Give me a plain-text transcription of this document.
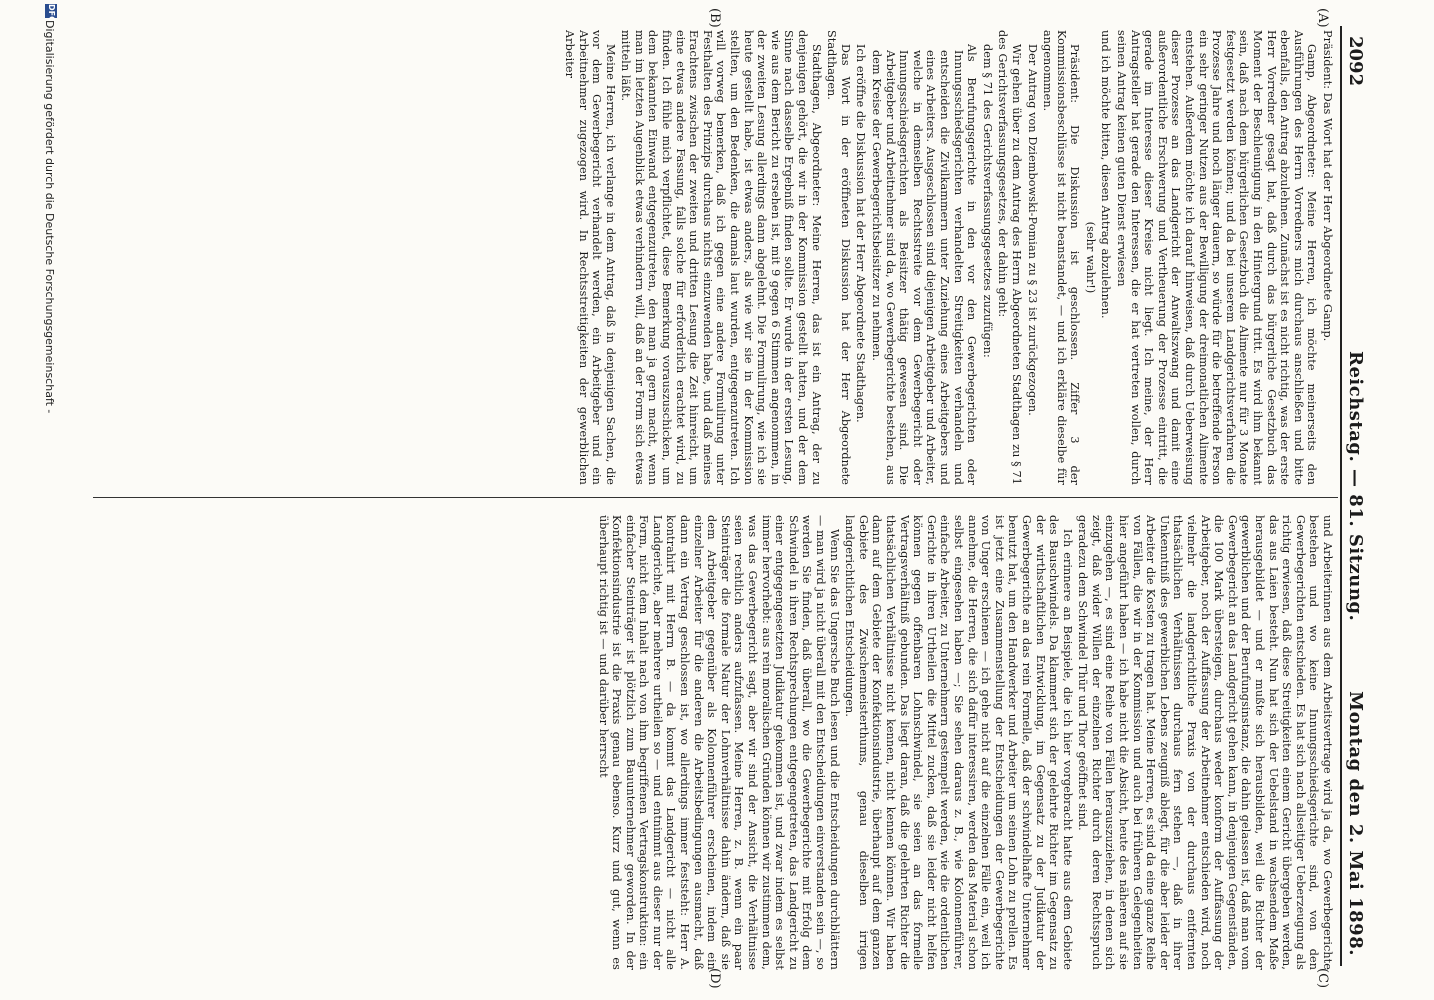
2092
Reichstag. — 81. Sitzung.
Montag den 2. Mai 1898.
(A)
(B)
(C)
(D)

Präsident: Das Wort hat der Herr Abgeordnete Gamp.

Gamp, Abgeordneter: Meine Herren, ich möchte meinerseits den Ausführungen des Herrn Vorredners mich durchaus anschließen und bitte ebenfalls, den Antrag abzulehnen. Zunächst ist es nicht richtig, was der erste Herr Vorredner gesagt hat, daß durch das bürgerliche Gesetzbuch das Moment der Beschleunigung in den Hintergrund tritt. Es wird ihm bekannt sein, daß nach dem bürgerlichen Gesetzbuch die Alimente nur für 3 Monate festgesetzt werden können; und da bei unserem Landgerichtsverfahren die Prozesse Jahre und noch länger dauern, so würde für die betreffende Person ein sehr geringer Nutzen aus der Bewilligung der dreimonatlichen Alimente entstehen. Außerdem möchte ich darauf hinweisen, daß durch Ueberweisung dieser Prozesse an das Landgericht der Anwaltszwang und damit eine außerordentliche Erschwerung und Vertheuerung der Prozesse eintritt, die gerade im Interesse dieser Kreise nicht liegt. Ich meine, der Herr Antragsteller hat gerade den Interessen, die er hat vertreten wollen, durch seinen Antrag keinen guten Dienst erwiesen

und ich möchte bitten, diesen Antrag abzulehnen.

(sehr wahr!)

Präsident: Die Diskussion ist geschlossen. Ziffer 3 der Kommissionsbeschlüsse ist nicht beanstandet, — und ich erkläre dieselbe für angenommen.

Der Antrag von Dziembowski-Pomian zu § 23 ist zurückgezogen.

Wir gehen über zu dem Antrag des Herrn Abgeordneten Stadthagen zu § 71 des Gerichtsverfassungsgesetzes, der dahin geht:

dem § 71 des Gerichtsverfassungsgesetzes zuzufügen:

Als Berufungsgerichte in den vor den Gewerbegerichten oder Innungsschiedsgerichten verhandelten Streitigkeiten verhandeln und entscheiden die Zivilkammern unter Zuziehung eines Arbeitgebers und eines Arbeiters. Ausgeschlossen sind diejenigen Arbeitgeber und Arbeiter, welche in demselben Rechtsstreite vor dem Gewerbegericht oder Innungsschiedsgerichten als Beisitzer thätig gewesen sind. Die Arbeitgeber und Arbeitnehmer sind da, wo Gewerbegerichte bestehen, aus dem Kreise der Gewerbegerichtsbeisitzer zu nehmen.

Ich eröffne die Diskussion hat der Herr Abgeordnete Stadthagen.

Das Wort in der eröffneten Diskussion hat der Herr Abgeordnete Stadthagen.

Stadthagen, Abgeordneter: Meine Herren, das ist ein Antrag, der zu denjenigen gehört, die wir in der Kommission gestellt hatten, und der dem Sinne nach dasselbe Ergebniß finden sollte. Er wurde in der ersten Lesung, wie aus dem Bericht zu ersehen ist, mit 9 gegen 6 Stimmen angenommen, in der zweiten Lesung allerdings dann abgelehnt. Die Formulirung, wie ich sie heute gestellt habe, ist etwas anders, als wie wir sie in der Kommission stellten, um den Bedenken, die damals laut wurden, entgegenzutreten. Ich will vorweg bemerken, daß ich gegen eine andere Formulirung unter Festhalten des Prinzips durchaus nichts einzuwenden habe, und daß meines Erachtens zwischen der zweiten und dritten Lesung die Zeit hinreicht, um eine etwas andere Fassung, falls solche für erforderlich erachtet wird, zu finden. Ich fühle mich verpflichtet, diese Bemerkung vorauszuschicken, um dem bekannten Einwand entgegenzutreten, den man ja gern macht, wenn man im letzten Augenblick etwas verhindern will, daß an der Form sich etwas mitteln läßt.

Meine Herren, ich verlange in dem Antrag, daß in denjenigen Sachen, die vor dem Gewerbegericht verhandelt werden, ein Arbeitgeber und ein Arbeitnehmer zugezogen wird. In Rechtsstreitigkeiten der gewerblichen Arbeiter

und Arbeiterinnen aus dem Arbeitsvertrage wird ja da, wo Gewerbegerichte bestehen und wo keine Innungsschiedsgerichte sind, von den Gewerbegerichten entschieden. Es hat sich nach allseitiger Ueberzeugung als richtig erwiesen, daß diese Streitigkeiten einem Gericht übergeben werden, das aus Laien besteht. Nun hat sich der Uebelstand in wachsendem Maße herausgebildet — und er mußte sich herausbilden, weil die Richter der gewerblichen und der Berufungsinstanz, die dahin gelassen ist, daß man vom Gewerbegericht an das Landgericht gehen kann, in denjenigen Gegenständen, die 100 Mark übersteigen, durchaus weder konform der Auffassung der Arbeitgeber, noch der Auffassung der Arbeitnehmer entschieden wird, noch vielmehr die landgerichtliche Praxis von der durchaus entfernten thatsächlichen Verhältnissen durchaus fern stehen —, daß in ihrer Unkenntniß des gewerblichen Lebens zeugniß ablegt, für die aber leider der Arbeiter die Kosten zu tragen hat. Meine Herren, es sind da eine ganze Reihe von Fällen, die wir in der Kommission und auch bei früheren Gelegenheiten hier angeführt haben — ich habe nicht die Absicht, heute des näheren auf sie einzugehen —, es sind eine Reihe von Fällen herauszuziehen, in denen sich zeigt, daß wider Willen der einzelnen Richter durch deren Rechtsspruch geradezu dem Schwindel Thür und Thor geöffnet sind.

Ich erinnere an Beispiele, die ich hier vorgebracht hatte aus dem Gebiete des Bauschwindels. Da klammert sich der gelehrte Richter im Gegensatz zu der wirthschaftlichen Entwicklung, im Gegensatz zu der Judikatur der Gewerbegerichte an das rein Formelle, daß der schwindelhafte Unternehmer benutzt hat, um den Handwerker und Arbeiter um seinen Lohn zu prellen. Es ist jetzt eine Zusammenstellung der Entscheidungen der Gewerbegerichte von Unger erschienen — ich gehe nicht auf die einzelnen Fälle ein, weil ich annehme, die Herren, die sich dafür interessiren, werden das Material schon selbst eingesehen haben —; Sie sehen daraus z. B., wie Kolonnenführer, einfache Arbeiter, zu Unternehmern gestempelt werden, wie die ordentlichen Gerichte in ihren Urtheilen die Mittel zucken, daß sie leider nicht helfen können gegen offenbaren Lohnschwindel, sie seien an das formelle Vertragsverhältniß gebunden. Das liegt daran, daß die gelehrten Richter die thatsächlichen Verhältnisse nicht kennen, nicht kennen können. Wir haben dann auf dem Gebiete der Konfektionsindustrie, überhaupt auf dem ganzen Gebiete des Zwischenmeisterthums, genau dieselben irrigen landgerichtlichen Entscheidungen.

Wenn Sie das Ungersche Buch lesen und die Entscheidungen durchblättern — man wird ja nicht überall mit den Entscheidungen einverstanden sein —, so werden Sie finden, daß überall, wo die Gewerbegerichte mit Erfolg dem Schwindel in ihren Rechtsprechungen entgegengetreten, das Landgericht zu einer entgegengesetzten Judikatur gekommen ist, und zwar indem es selbst immer hervorhebt: aus rein moralischen Gründen können wir zustimmen dem, was das Gewerbegericht sagt, aber wir sind der Ansicht, die Verhältnisse seien rechtlich anders aufzufassen. Meine Herren, z. B. wenn ein paar Steinträger die formale Natur der Lohnverhältnisse dahin ändern, daß sie dem Arbeitgeber gegenüber als Kolonnenführer erscheinen, indem ein einzelner Arbeiter für die anderen die Arbeitsbedingungen ausmacht, daß dann ein Vertrag geschlossen ist, wo allerdings immer feststeht: Herr A. kontrahirt mit Herrn B. — da kommt das Landgericht — nicht alle Landgerichte, aber mehrere urtheilen so — und entnimmt aus dieser nur der Form, nicht dem Inhalt nach von ihm begriffenen Vertragskonstruktion: ein einfacher Steinträger ist plötzlich zum Bauunternehmer geworden. In der Konfektionsindustrie ist die Praxis genau ebenso. Kurz und gut, wenn es überhaupt richtig ist — und darüber herrscht

DFG
Digitalisierung gefördert durch die Deutsche Forschungsgemeinschaft -
